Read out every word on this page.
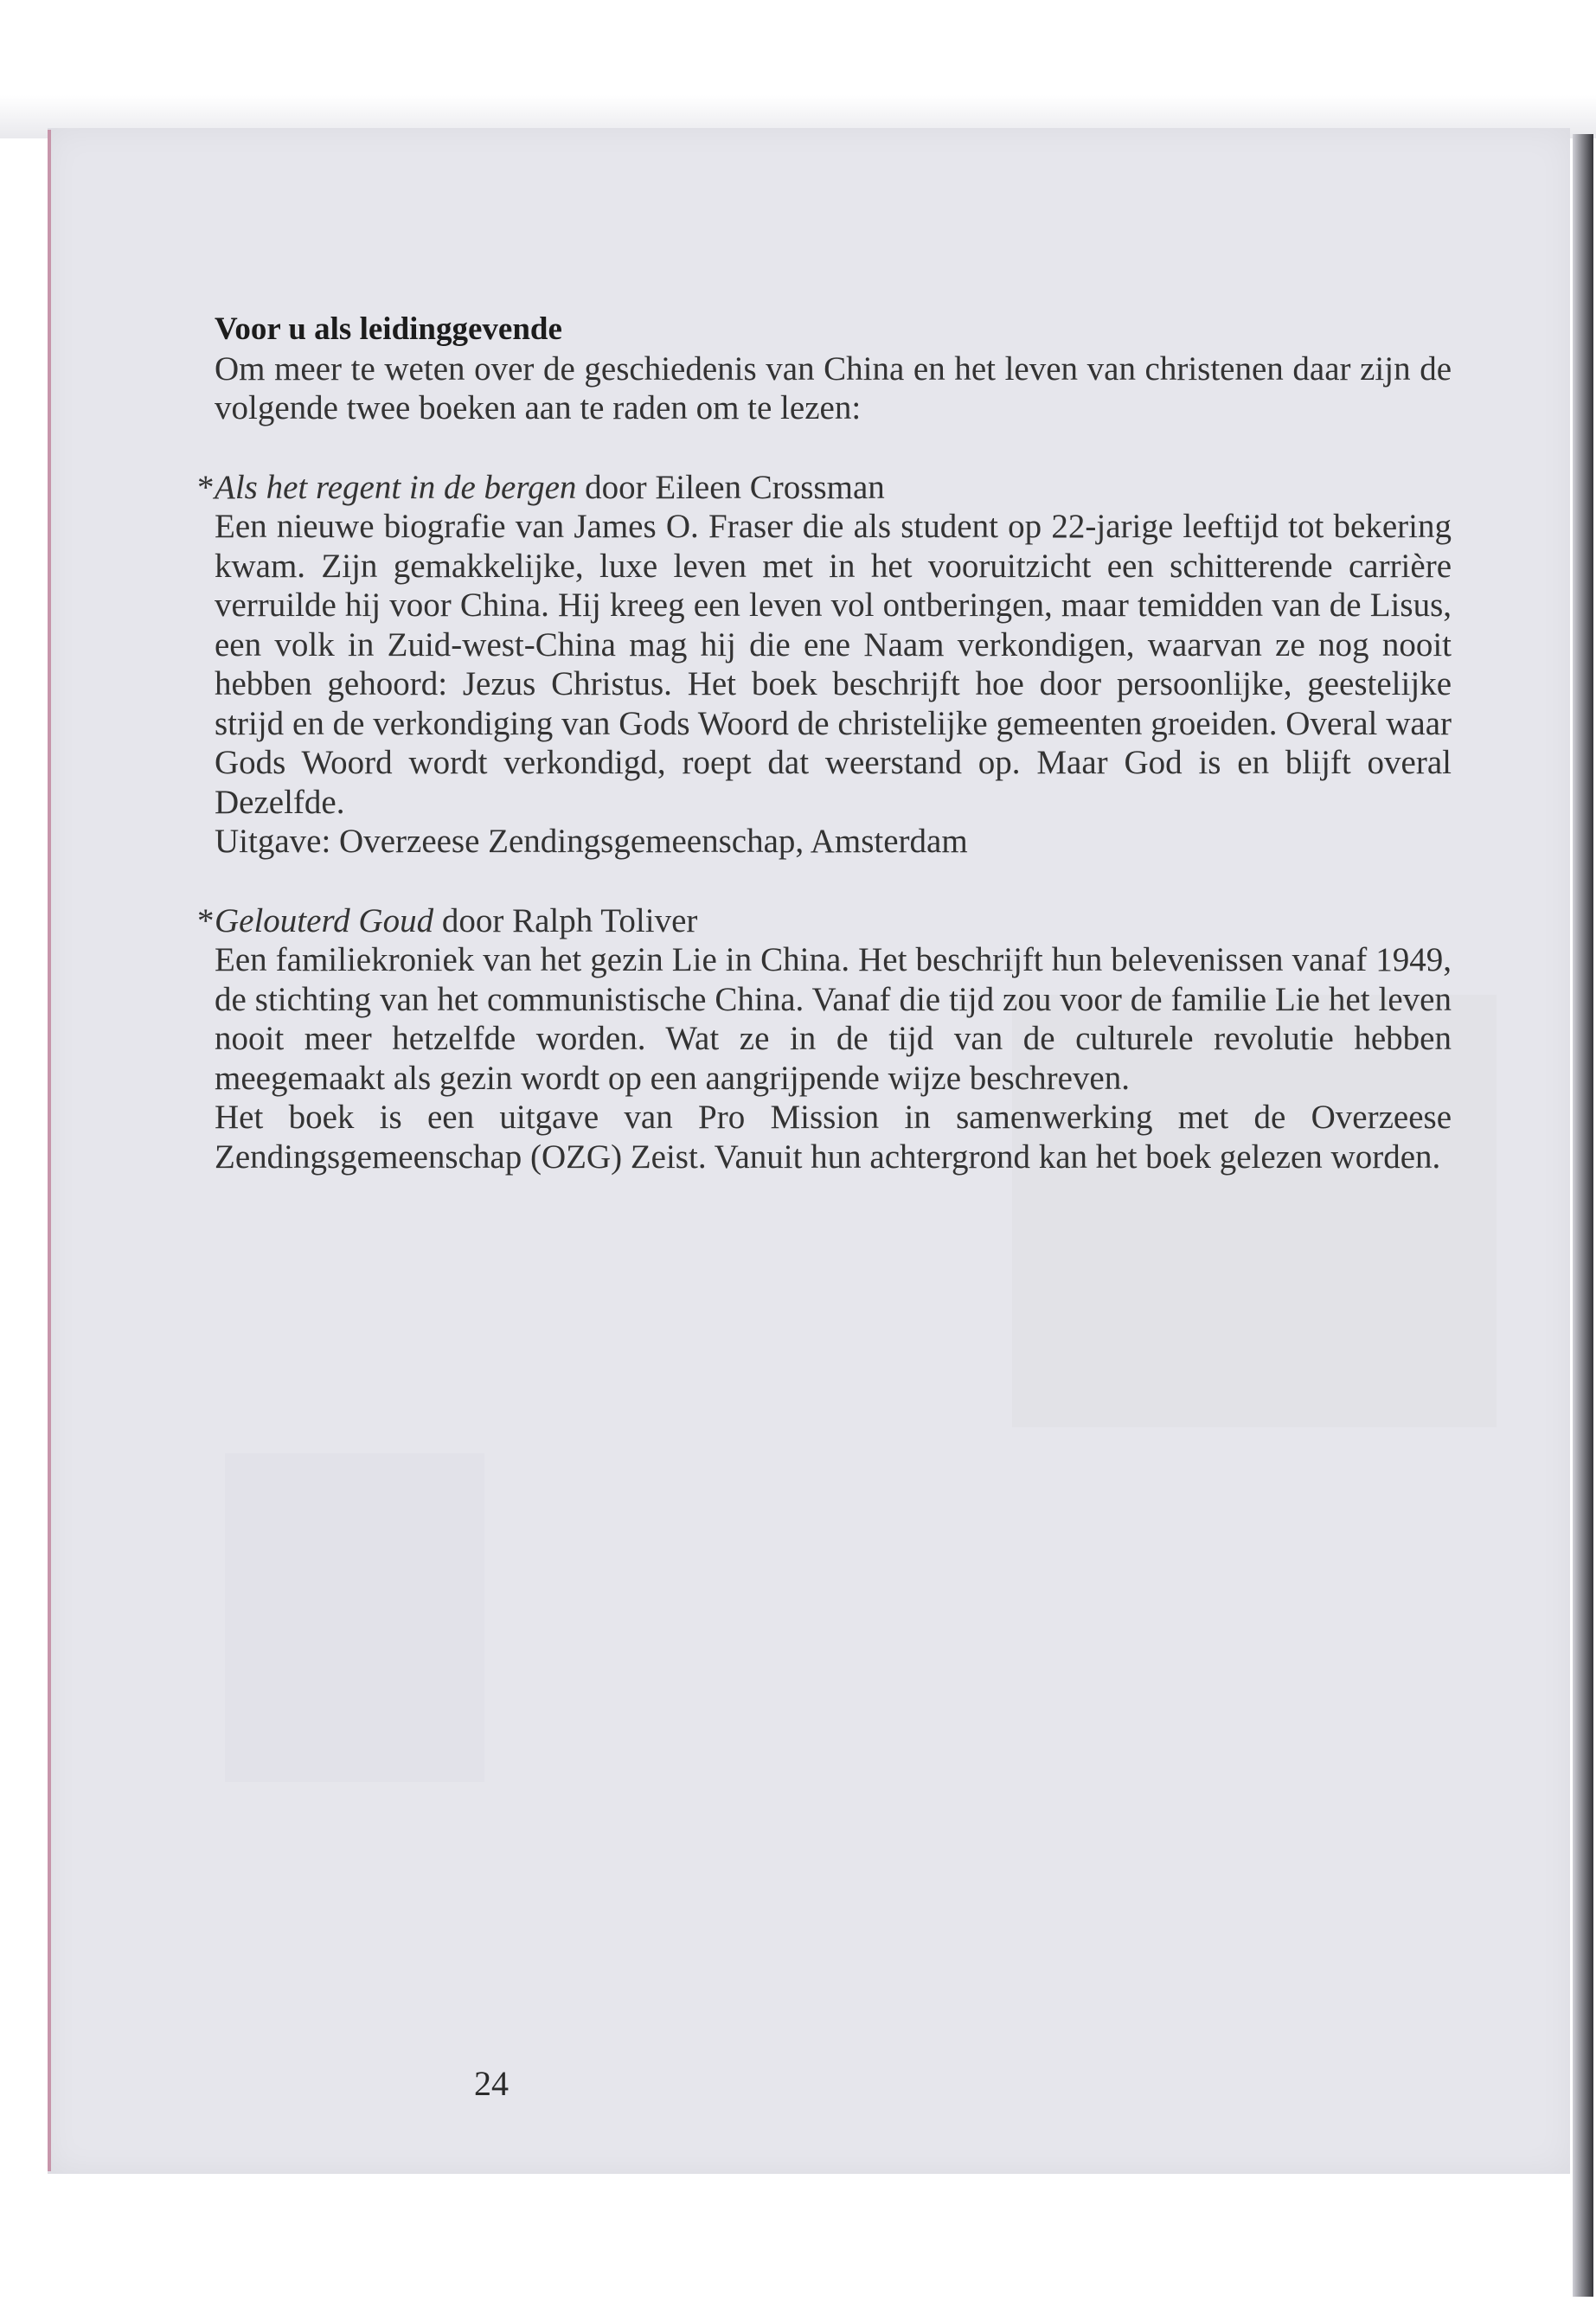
Voor u als leidinggevende
Om meer te weten over de geschiedenis van China en het leven van christenen daar zijn de volgende twee boeken aan te raden om te lezen:
* Als het regent in de bergen door Eileen Crossman
Een nieuwe biografie van James O. Fraser die als student op 22-jarige leeftijd tot bekering kwam. Zijn gemakkelijke, luxe leven met in het vooruitzicht een schitterende carrière verruilde hij voor China. Hij kreeg een leven vol ontberingen, maar temidden van de Lisus, een volk in Zuid-west-China mag hij die ene Naam verkondigen, waarvan ze nog nooit hebben gehoord: Jezus Christus. Het boek beschrijft hoe door persoonlijke, geestelijke strijd en de verkondiging van Gods Woord de christelijke gemeenten groeiden. Overal waar Gods Woord wordt verkondigd, roept dat weerstand op. Maar God is en blijft overal Dezelfde.
Uitgave: Overzeese Zendingsgemeenschap, Amsterdam
* Gelouterd Goud door Ralph Toliver
Een familiekroniek van het gezin Lie in China. Het beschrijft hun belevenissen vanaf 1949, de stichting van het communistische China. Vanaf die tijd zou voor de familie Lie het leven nooit meer hetzelfde worden. Wat ze in de tijd van de culturele revolutie hebben meegemaakt als gezin wordt op een aangrijpende wijze beschreven.
Het boek is een uitgave van Pro Mission in samenwerking met de Overzeese Zendingsgemeenschap (OZG) Zeist. Vanuit hun achtergrond kan het boek gelezen worden.
24
